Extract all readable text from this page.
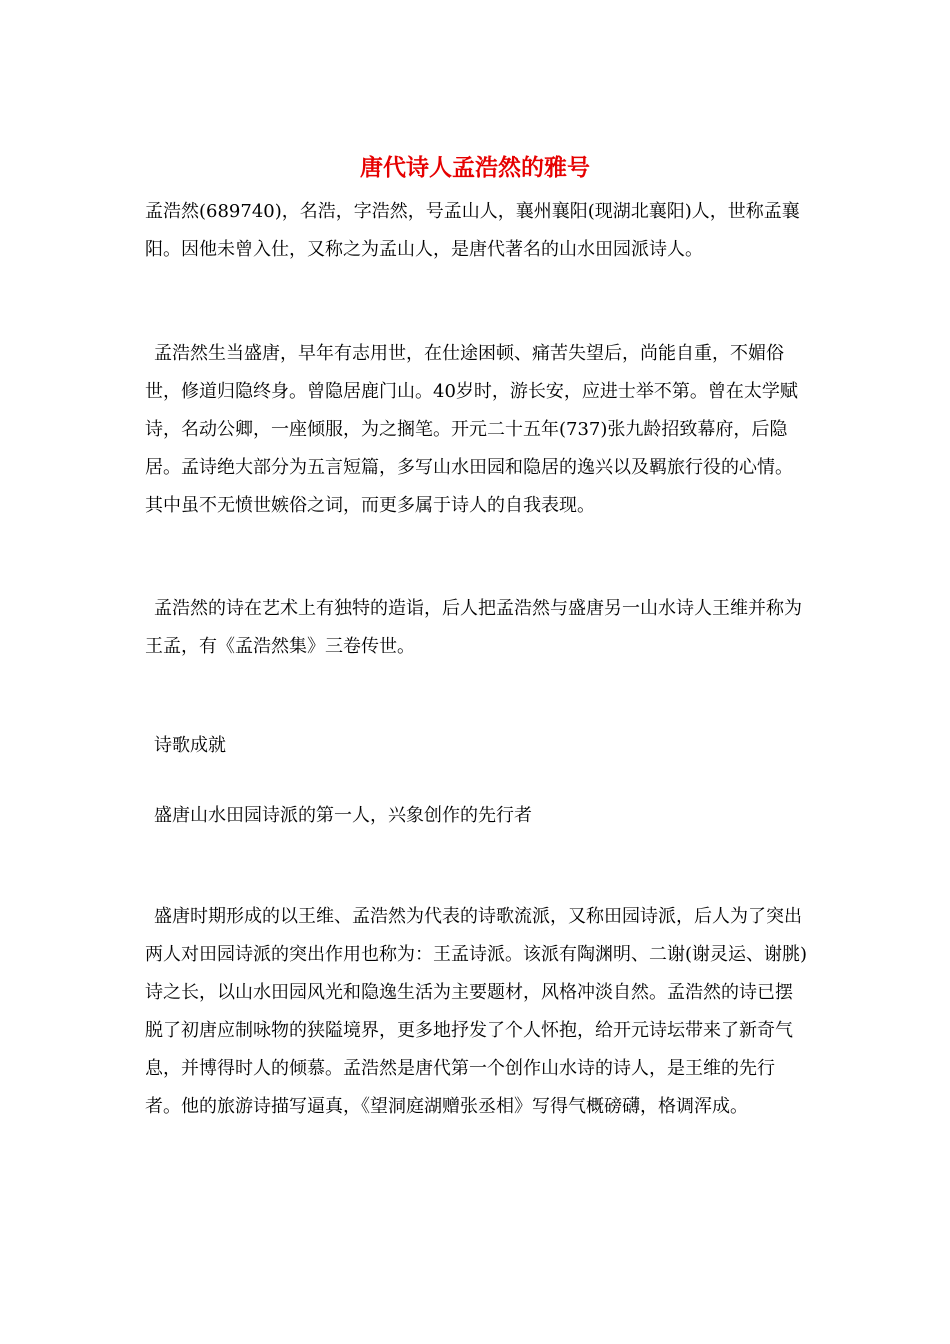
唐代诗人孟浩然的雅号

孟浩然(689740)，名浩，字浩然，号孟山人，襄州襄阳(现湖北襄阳)人，世称孟襄阳。因他未曾入仕，又称之为孟山人，是唐代著名的山水田园派诗人。

孟浩然生当盛唐，早年有志用世，在仕途困顿、痛苦失望后，尚能自重，不媚俗世，修道归隐终身。曾隐居鹿门山。40岁时，游长安，应进士举不第。曾在太学赋诗，名动公卿，一座倾服，为之搁笔。开元二十五年(737)张九龄招致幕府，后隐居。孟诗绝大部分为五言短篇，多写山水田园和隐居的逸兴以及羁旅行役的心情。其中虽不无愤世嫉俗之词，而更多属于诗人的自我表现。

孟浩然的诗在艺术上有独特的造诣，后人把孟浩然与盛唐另一山水诗人王维并称为王孟，有《孟浩然集》三卷传世。

诗歌成就

盛唐山水田园诗派的第一人，兴象创作的先行者

盛唐时期形成的以王维、孟浩然为代表的诗歌流派，又称田园诗派，后人为了突出两人对田园诗派的突出作用也称为：王孟诗派。该派有陶渊明、二谢(谢灵运、谢朓)诗之长，以山水田园风光和隐逸生活为主要题材，风格冲淡自然。孟浩然的诗已摆脱了初唐应制咏物的狭隘境界，更多地抒发了个人怀抱，给开元诗坛带来了新奇气息，并博得时人的倾慕。孟浩然是唐代第一个创作山水诗的诗人，是王维的先行者。他的旅游诗描写逼真，《望洞庭湖赠张丞相》写得气概磅礴，格调浑成。
